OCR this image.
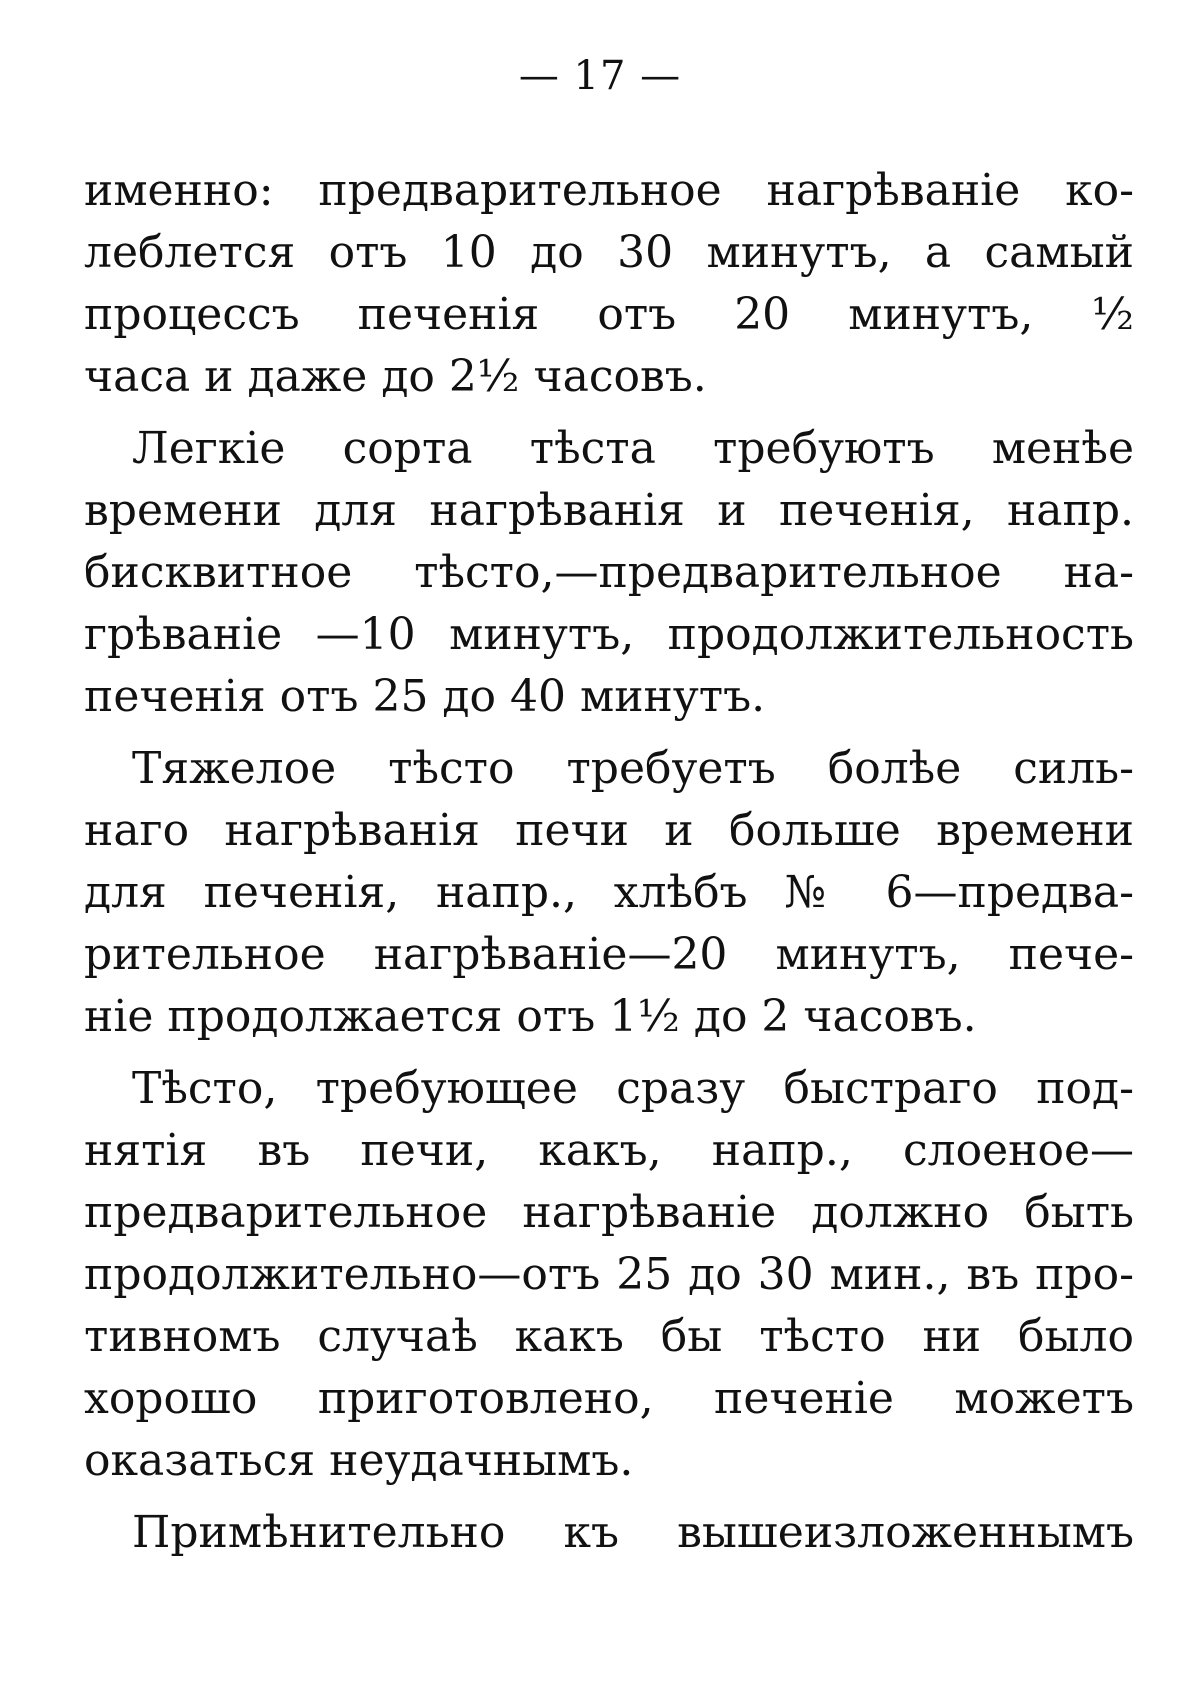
— 17 —
именно: предварительное нагрѣваніе ко-
леблется отъ 10 до 30 минутъ, а самый
процессъ печенія отъ 20 минутъ, ½
часа и даже до 2½ часовъ.
Легкіе сорта тѣста требуютъ менѣе
времени для нагрѣванія и печенія, напр.
бисквитное тѣсто,—предварительное на-
грѣваніе —10 минутъ, продолжительность
печенія отъ 25 до 40 минутъ.
Тяжелое тѣсто требуетъ болѣе силь-
наго нагрѣванія печи и больше времени
для печенія, напр., хлѣбъ № 6—предва-
рительное нагрѣваніе—20 минутъ, пече-
ніе продолжается отъ 1½ до 2 часовъ.
Тѣсто, требующее сразу быстраго под-
нятія въ печи, какъ, напр., слоеное—
предварительное нагрѣваніе должно быть
продолжительно—отъ 25 до 30 мин., въ про-
тивномъ случаѣ какъ бы тѣсто ни было
хорошо приготовлено, печеніе можетъ
оказаться неудачнымъ.
Примѣнительно къ вышеизложеннымъ
